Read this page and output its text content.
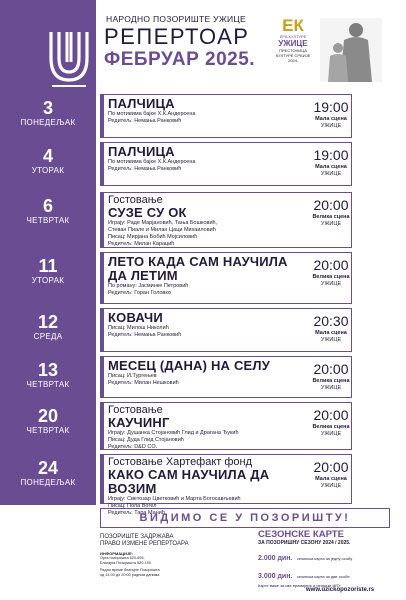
НАРОДНО ПОЗОРИШТЕ УЖИЦЕ
РЕПЕРТОАР
ФЕБРУАР 2025.
ЕК
ЕРА КУЛТУРЕ
УЖИЦЕ
ПРЕСТОНИЦА КУЛТУРЕ СРБИЈЕ 2024.
3
ПОНЕДЕЉАК
ПАЛЧИЦА
По мотивима бајке Х.К.Андерсена
Редитељ: Немања Ранковић
19:00
Мала сцена
УЖИЦЕ
4
УТОРАК
ПАЛЧИЦА
По мотивима бајке Х.К.Андерсена
Редитељ: Немања Ранковић
19:00
Мала сцена
УЖИЦЕ
6
ЧЕТВРТАК
Гостовање
СУЗЕ СУ ОК
Играју: Раде Марјановић, Тања Бошковић,
Стеван Пиале и Милан Цаци Михаиловић
Писац: Мирјана Бобић Мојсиловић
Редитељ: Милан Карацић
20:00
Велика сцена
УЖИЦЕ
11
УТОРАК
ЛЕТО КАДА САМ НАУЧИЛА ДА ЛЕТИМ
По роману: Јасминке Петровић
Редитељ: Горан Головко
20:00
Велика сцена
УЖИЦЕ
12
СРЕДА
КОВАЧИ
Писац: Милош Николић
Редитељ: Немања Ранковић
20:30
Мала сцена
УЖИЦЕ
13
ЧЕТВРТАК
МЕСЕЦ (ДАНА) НА СЕЛУ
Писац: И.Тургењев
Редитељ: Милан Нешковић
20:00
Велика сцена
УЖИЦЕ
20
ЧЕТВРТАК
Гостовање
КАУЧИНГ
Играју: Душанка Стојановић Глид и Драгана Ђукић
Писац: Дуда Глид Стојановић
Редитељ: D&D CO.
20:00
Велика сцена
УЖИЦЕ
24
ПОНЕДЕЉАК
Гостовање Хартефакт фонд
КАКО САМ НАУЧИЛА ДА ВОЗИМ
Играју: Светозар Цветковић и Марта Богосављевић
Писац: Пола Вогел
Редитељ: Тара Манић
20:00
Мала сцена
УЖИЦЕ
ВИДИМО СЕ У ПОЗОРИШТУ!
ПОЗОРИШТЕ ЗАДРЖАВА
ПРАВО ИЗМЕНЕ РЕПЕРТОАРА
ИНФОРМАЦИЈЕ:
Орга позоришта 520-693,
Благајна Позоришта 520-190
Радно време благајне Позоришта
од 14:00 до 20:00 радним данима
СЕЗОНСКЕ КАРТЕ
ЗА ПОЗОРИШНУ СЕЗОНУ 2024 / 2025.
2.000 дин. сезонска карта за једну особу
3.000 дин. сезонска карта за две особе
Карте важе за све премијере и репризе НПУ
www.uzickopozoriste.rs
